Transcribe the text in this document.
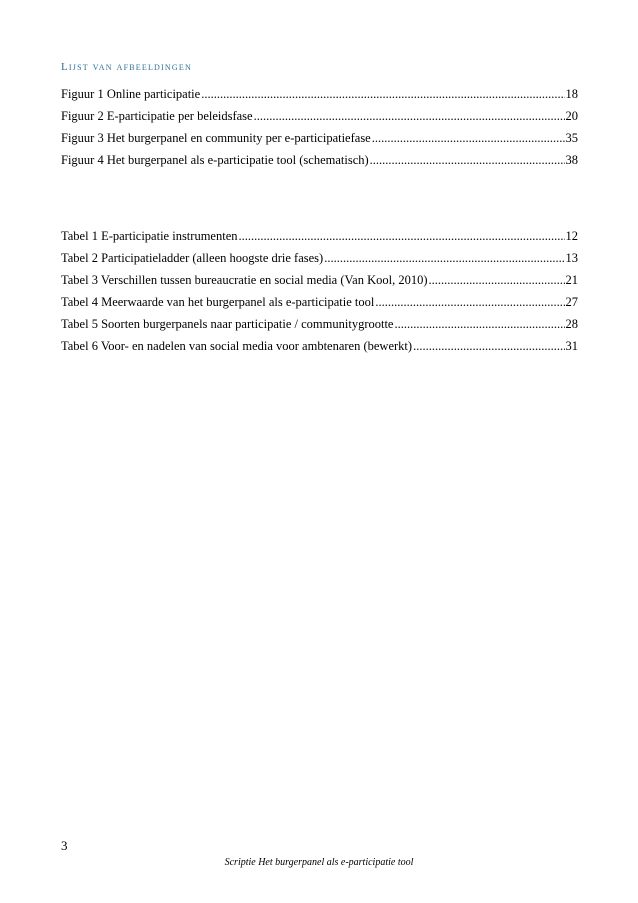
Lijst van afbeeldingen
Figuur 1 Online participatie .....	18
Figuur 2 E-participatie per beleidsfase .....	20
Figuur 3 Het burgerpanel en community per e-participatiefase .....	35
Figuur 4 Het burgerpanel als e-participatie tool (schematisch) .....	38
Tabel 1 E-participatie instrumenten .....	12
Tabel 2 Participatieladder (alleen hoogste drie fases) .....	13
Tabel 3 Verschillen tussen bureaucratie en social media (Van Kool, 2010) .....	21
Tabel 4 Meerwaarde van het burgerpanel als e-participatie tool .....	27
Tabel 5 Soorten burgerpanels naar participatie / communitygrootte .....	28
Tabel 6 Voor- en nadelen van social media voor ambtenaren (bewerkt) .....	31
3
Scriptie Het burgerpanel als e-participatie tool
